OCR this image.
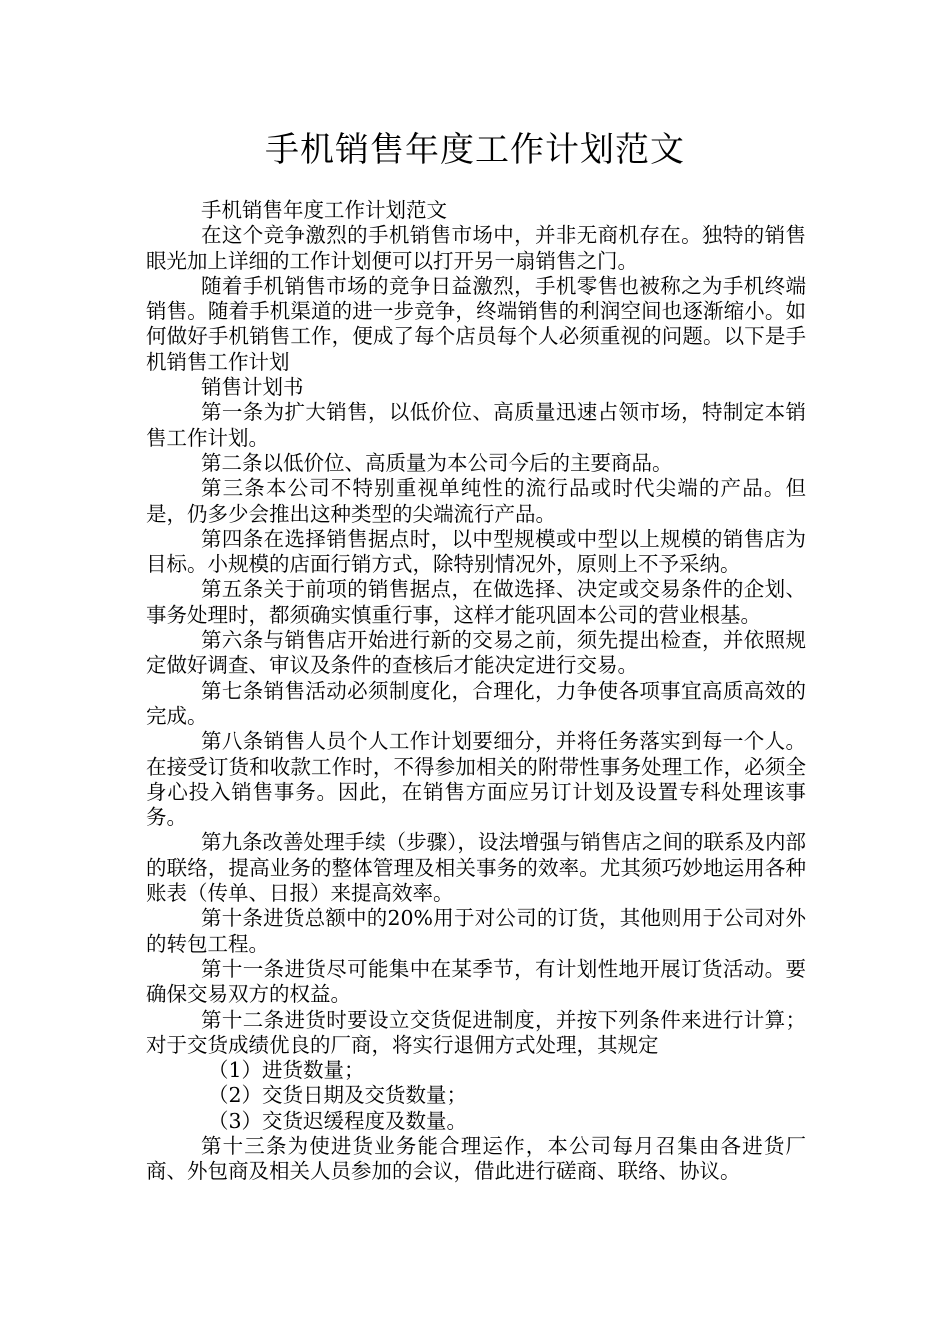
手机销售年度工作计划范文

手机销售年度工作计划范文

在这个竞争激烈的手机销售市场中，并非无商机存在。独特的销售眼光加上详细的工作计划便可以打开另一扇销售之门。

随着手机销售市场的竞争日益激烈，手机零售也被称之为手机终端销售。随着手机渠道的进一步竞争，终端销售的利润空间也逐渐缩小。如何做好手机销售工作，便成了每个店员每个人必须重视的问题。以下是手机销售工作计划

销售计划书

第一条为扩大销售，以低价位、高质量迅速占领市场，特制定本销售工作计划。

第二条以低价位、高质量为本公司今后的主要商品。

第三条本公司不特别重视单纯性的流行品或时代尖端的产品。但是，仍多少会推出这种类型的尖端流行产品。

第四条在选择销售据点时，以中型规模或中型以上规模的销售店为目标。小规模的店面行销方式，除特别情况外，原则上不予采纳。

第五条关于前项的销售据点，在做选择、决定或交易条件的企划、事务处理时，都须确实慎重行事，这样才能巩固本公司的营业根基。

第六条与销售店开始进行新的交易之前，须先提出检查，并依照规定做好调查、审议及条件的查核后才能决定进行交易。

第七条销售活动必须制度化，合理化，力争使各项事宜高质高效的完成。

第八条销售人员个人工作计划要细分，并将任务落实到每一个人。在接受订货和收款工作时，不得参加相关的附带性事务处理工作，必须全身心投入销售事务。因此，在销售方面应另订计划及设置专科处理该事务。

第九条改善处理手续（步骤），设法增强与销售店之间的联系及内部的联络，提高业务的整体管理及相关事务的效率。尤其须巧妙地运用各种账表（传单、日报）来提高效率。

第十条进货总额中的20%用于对公司的订货，其他则用于公司对外的转包工程。

第十一条进货尽可能集中在某季节，有计划性地开展订货活动。要确保交易双方的权益。

第十二条进货时要设立交货促进制度，并按下列条件来进行计算；对于交货成绩优良的厂商，将实行退佣方式处理，其规定

（1）进货数量；

（2）交货日期及交货数量；

（3）交货迟缓程度及数量。

第十三条为使进货业务能合理运作，本公司每月召集由各进货厂商、外包商及相关人员参加的会议，借此进行磋商、联络、协议。
